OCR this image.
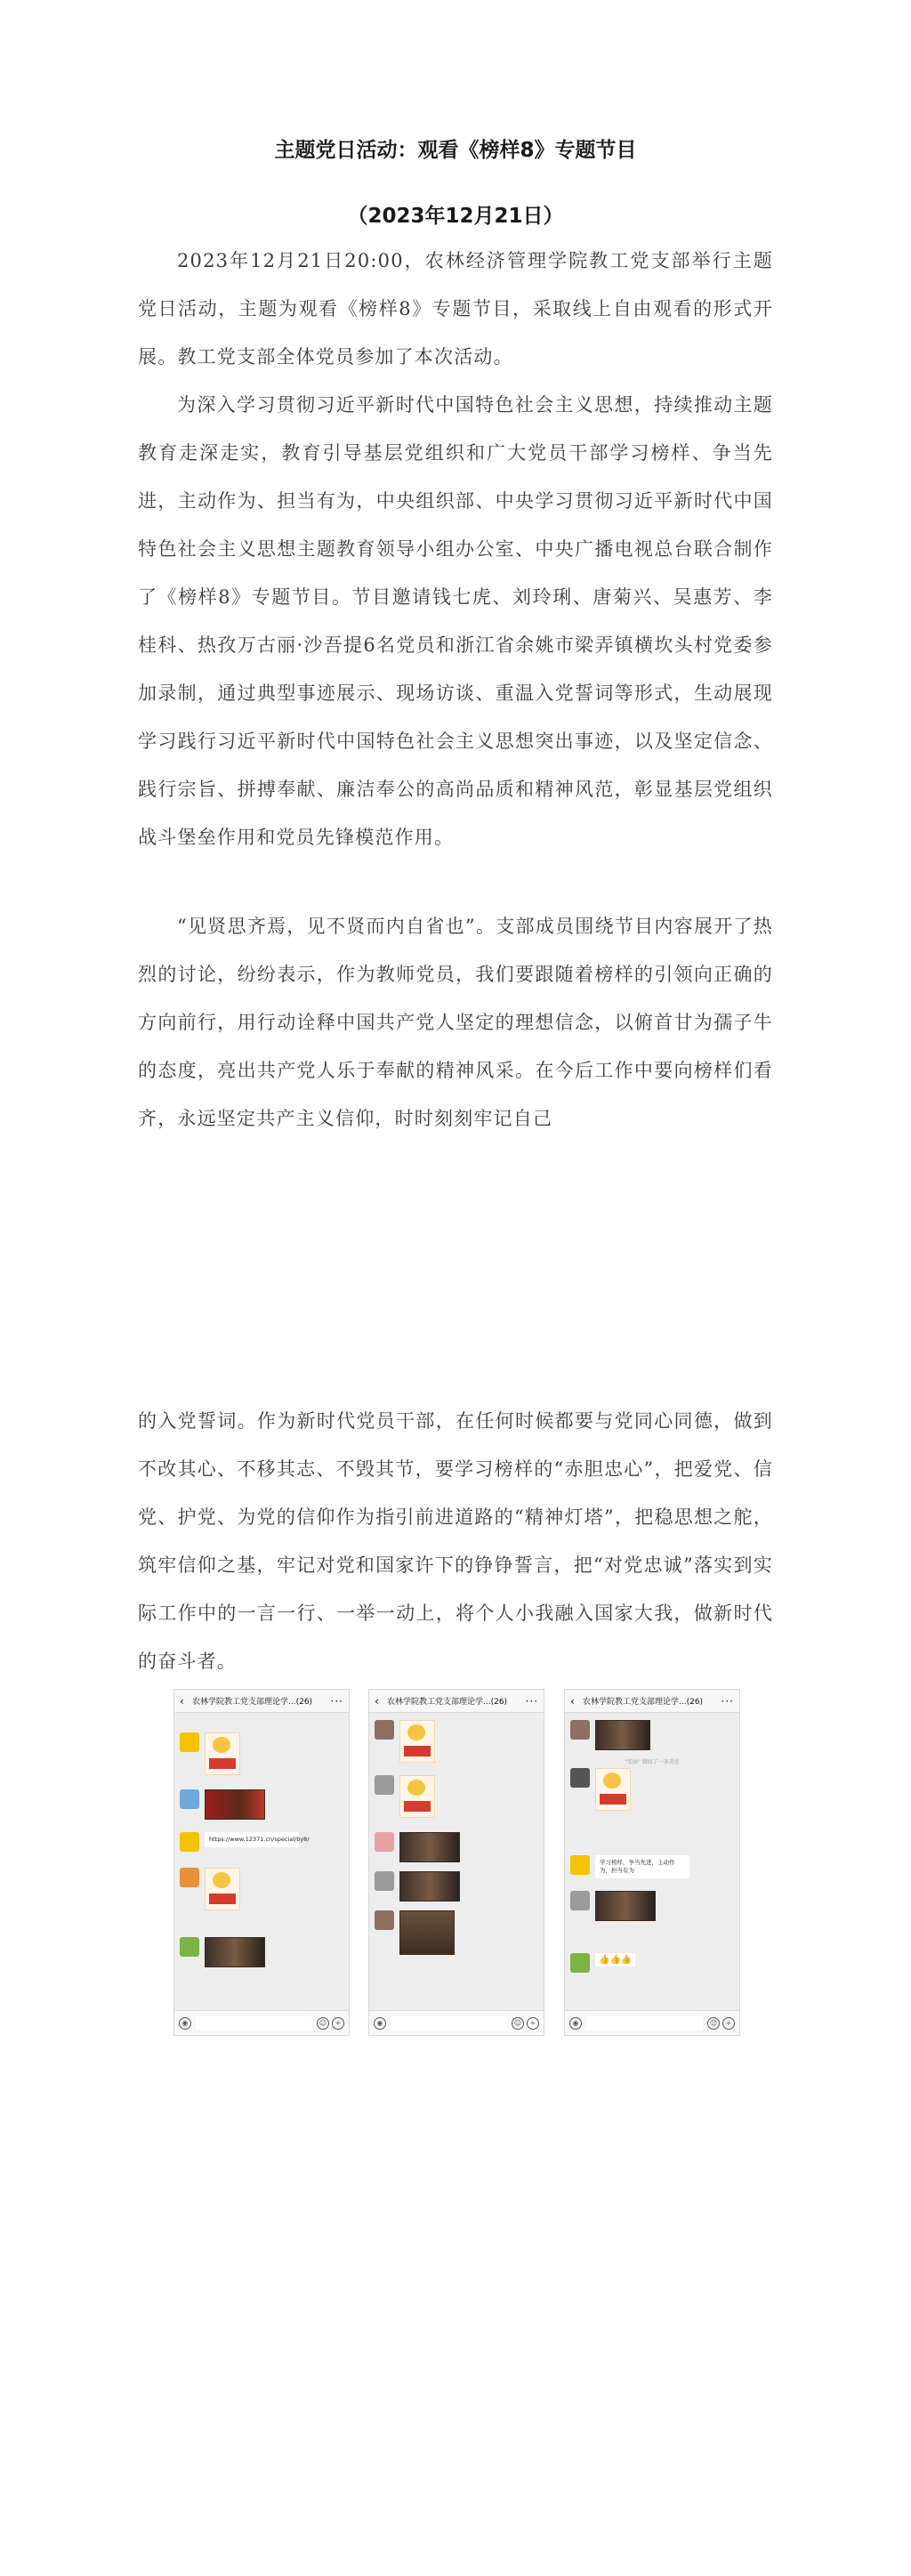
主题党日活动：观看《榜样8》专题节目
（2023年12月21日）

2023年12月21日20:00，农林经济管理学院教工党支部举行主题党日活动，主题为观看《榜样8》专题节目，采取线上自由观看的形式开展。教工党支部全体党员参加了本次活动。

为深入学习贯彻习近平新时代中国特色社会主义思想，持续推动主题教育走深走实，教育引导基层党组织和广大党员干部学习榜样、争当先进，主动作为、担当有为，中央组织部、中央学习贯彻习近平新时代中国特色社会主义思想主题教育领导小组办公室、中央广播电视总台联合制作了《榜样8》专题节目。节目邀请钱七虎、刘玲琍、唐菊兴、吴惠芳、李桂科、热孜万古丽·沙吾提6名党员和浙江省余姚市梁弄镇横坎头村党委参加录制，通过典型事迹展示、现场访谈、重温入党誓词等形式，生动展现学习践行习近平新时代中国特色社会主义思想突出事迹，以及坚定信念、践行宗旨、拼搏奉献、廉洁奉公的高尚品质和精神风范，彰显基层党组织战斗堡垒作用和党员先锋模范作用。

“见贤思齐焉，见不贤而内自省也”。支部成员围绕节目内容展开了热烈的讨论，纷纷表示，作为教师党员，我们要跟随着榜样的引领向正确的方向前行，用行动诠释中国共产党人坚定的理想信念，以俯首甘为孺子牛的态度，亮出共产党人乐于奉献的精神风采。在今后工作中要向榜样们看齐，永远坚定共产主义信仰，时时刻刻牢记自己

的入党誓词。作为新时代党员干部，在任何时候都要与党同心同德，做到不改其心、不移其志、不毁其节，要学习榜样的“赤胆忠心”，把爱党、信党、护党、为党的信仰作为指引前进道路的“精神灯塔”，把稳思想之舵，筑牢信仰之基，牢记对党和国家许下的铮铮誓言，把“对党忠诚”落实到实际工作中的一言一行、一举一动上，将个人小我融入国家大我，做新时代的奋斗者。

‹	农林学院教工党支部理论学...(26)	···
https://www.12371.cn/special/by8/
◉	☺	+
‹	农林学院教工党支部理论学...(26)	···
◉	☺	+
‹	农林学院教工党支部理论学...(26)	···
"张丽" 撤回了一条消息
学习榜样，争当先进，主动作为，担当有为
👍👍👍
◉	☺	+
